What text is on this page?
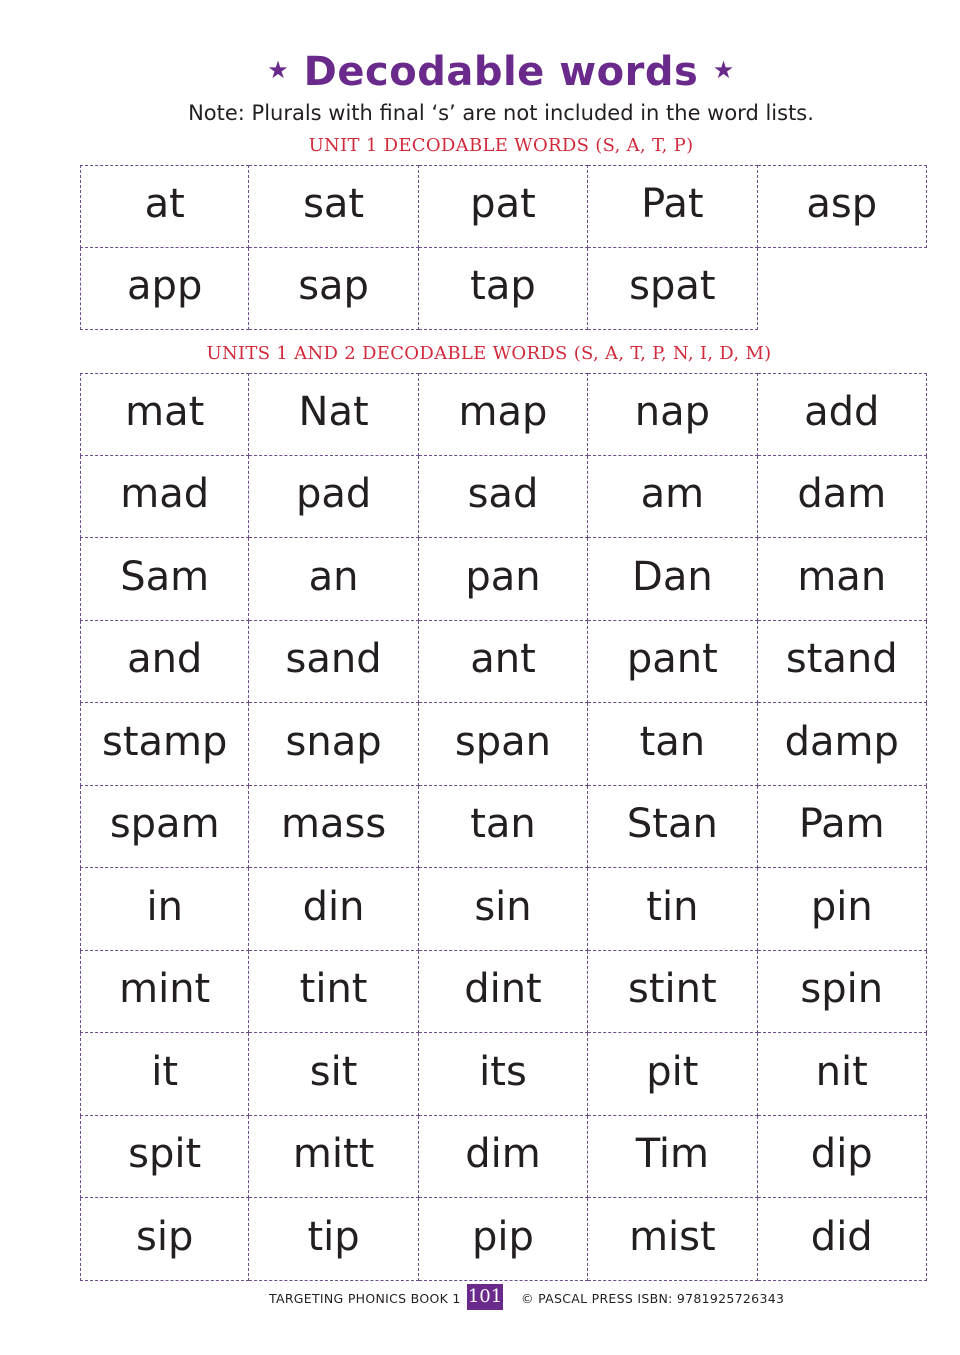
★ Decodable words ★
Note: Plurals with final ‘s’ are not included in the word lists.
UNIT 1 DECODABLE WORDS (S, A, T, P)
at	sat	pat	Pat	asp
app	sap	tap	spat
UNITS 1 AND 2 DECODABLE WORDS (S, A, T, P, N, I, D, M)
mat	Nat	map	nap	add
mad	pad	sad	am	dam
Sam	an	pan	Dan	man
and	sand	ant	pant	stand
stamp	snap	span	tan	damp
spam	mass	tan	Stan	Pam
in	din	sin	tin	pin
mint	tint	dint	stint	spin
it	sit	its	pit	nit
spit	mitt	dim	Tim	dip
sip	tip	pip	mist	did
TARGETING PHONICS BOOK 1 101 © PASCAL PRESS ISBN: 9781925726343
